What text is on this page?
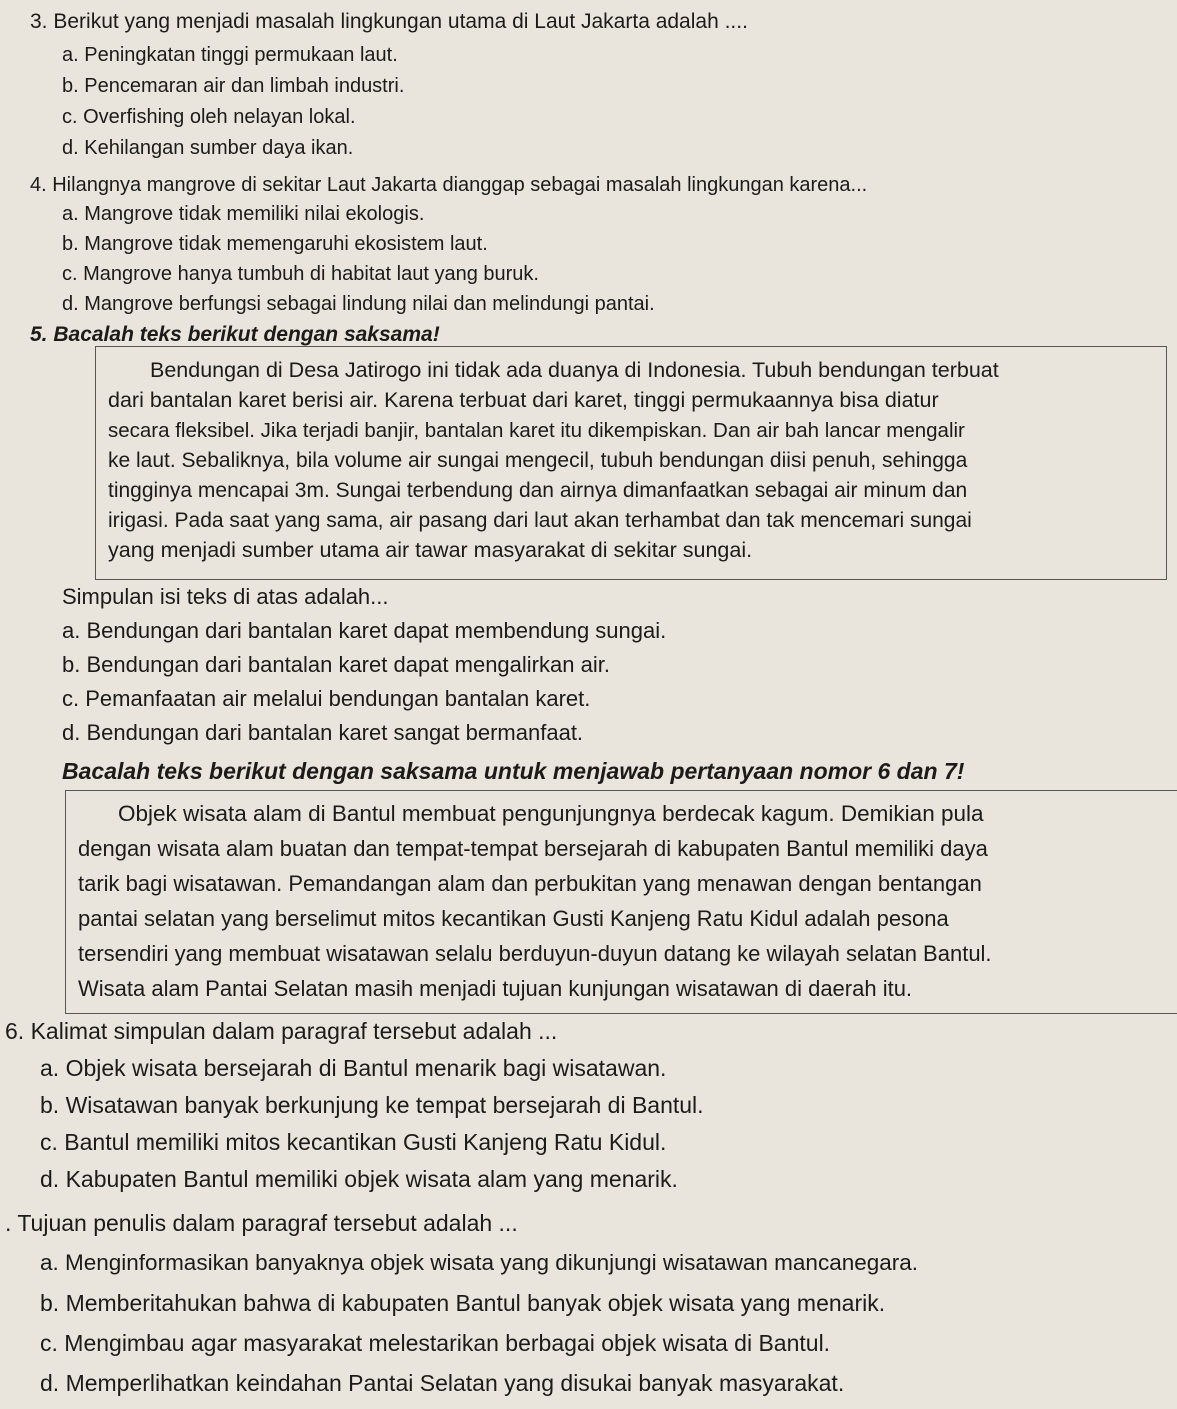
3. Berikut yang menjadi masalah lingkungan utama di Laut Jakarta adalah ....
a. Peningkatan tinggi permukaan laut.
b. Pencemaran air dan limbah industri.
c. Overfishing oleh nelayan lokal.
d. Kehilangan sumber daya ikan.
4. Hilangnya mangrove di sekitar Laut Jakarta dianggap sebagai masalah lingkungan karena...
a. Mangrove tidak memiliki nilai ekologis.
b. Mangrove tidak memengaruhi ekosistem laut.
c. Mangrove hanya tumbuh di habitat laut yang buruk.
d. Mangrove berfungsi sebagai lindung nilai dan melindungi pantai.
5. Bacalah teks berikut dengan saksama!
Bendungan di Desa Jatirogo ini tidak ada duanya di Indonesia. Tubuh bendungan terbuat
dari bantalan karet berisi air. Karena terbuat dari karet, tinggi permukaannya bisa diatur
secara fleksibel. Jika terjadi banjir, bantalan karet itu dikempiskan. Dan air bah lancar mengalir
ke laut. Sebaliknya, bila volume air sungai mengecil, tubuh bendungan diisi penuh, sehingga
tingginya mencapai 3m. Sungai terbendung dan airnya dimanfaatkan sebagai air minum dan
irigasi. Pada saat yang sama, air pasang dari laut akan terhambat dan tak mencemari sungai
yang menjadi sumber utama air tawar masyarakat di sekitar sungai.
Simpulan isi teks di atas adalah...
a. Bendungan dari bantalan karet dapat membendung sungai.
b. Bendungan dari bantalan karet dapat mengalirkan air.
c. Pemanfaatan air melalui bendungan bantalan karet.
d. Bendungan dari bantalan karet sangat bermanfaat.
Bacalah teks berikut dengan saksama untuk menjawab pertanyaan nomor 6 dan 7!
Objek wisata alam di Bantul membuat pengunjungnya berdecak kagum. Demikian pula
dengan wisata alam buatan dan tempat-tempat bersejarah di kabupaten Bantul memiliki daya
tarik bagi wisatawan. Pemandangan alam dan perbukitan yang menawan dengan bentangan
pantai selatan yang berselimut mitos kecantikan Gusti Kanjeng Ratu Kidul adalah pesona
tersendiri yang membuat wisatawan selalu berduyun-duyun datang ke wilayah selatan Bantul.
Wisata alam Pantai Selatan masih menjadi tujuan kunjungan wisatawan di daerah itu.
6. Kalimat simpulan dalam paragraf tersebut adalah ...
a. Objek wisata bersejarah di Bantul menarik bagi wisatawan.
b. Wisatawan banyak berkunjung ke tempat bersejarah di Bantul.
c. Bantul memiliki mitos kecantikan Gusti Kanjeng Ratu Kidul.
d. Kabupaten Bantul memiliki objek wisata alam yang menarik.
. Tujuan penulis dalam paragraf tersebut adalah ...
a. Menginformasikan banyaknya objek wisata yang dikunjungi wisatawan mancanegara.
b. Memberitahukan bahwa di kabupaten Bantul banyak objek wisata yang menarik.
c. Mengimbau agar masyarakat melestarikan berbagai objek wisata di Bantul.
d. Memperlihatkan keindahan Pantai Selatan yang disukai banyak masyarakat.
